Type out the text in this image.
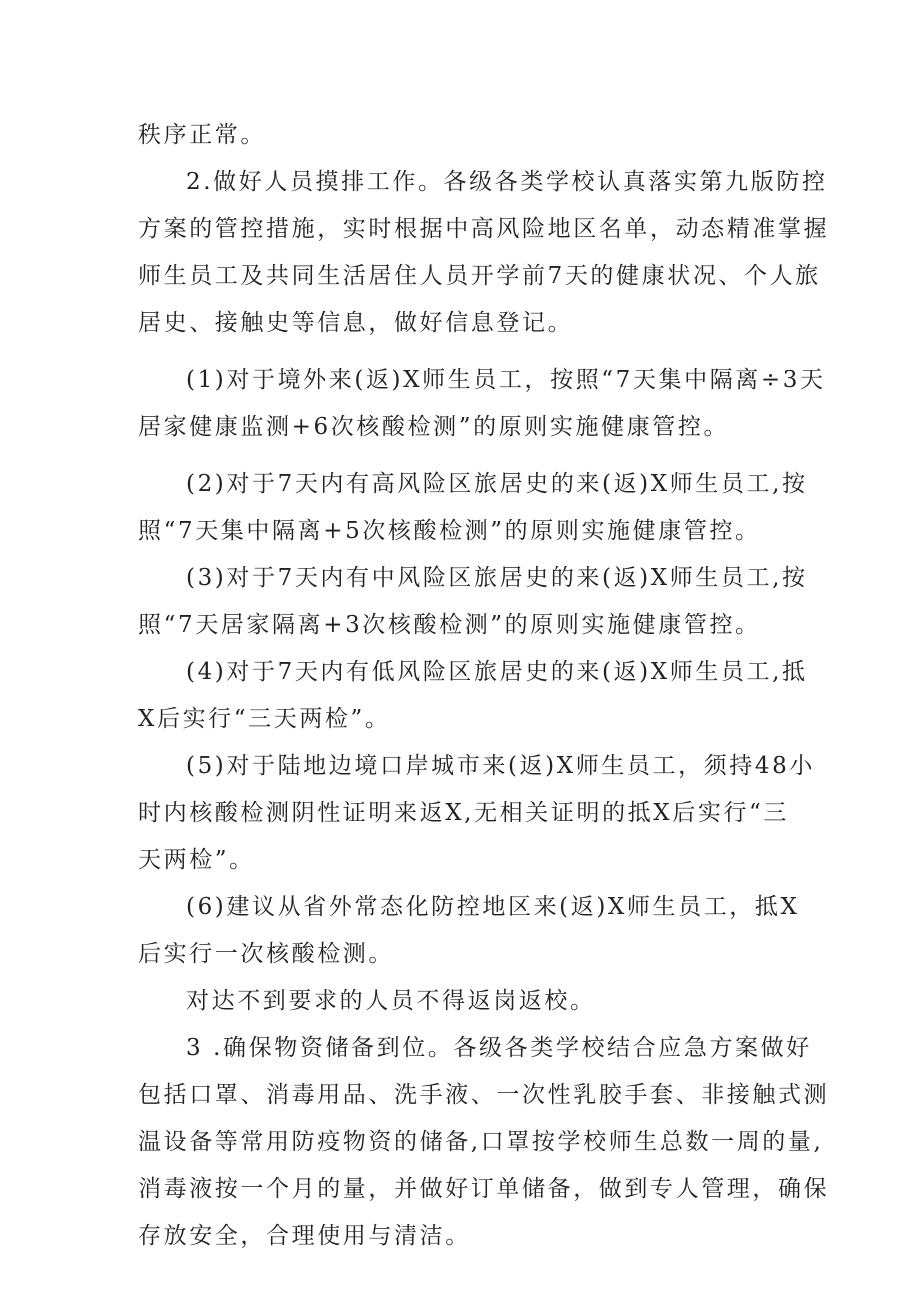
秩序正常。
2.做好人员摸排工作。各级各类学校认真落实第九版防控
方案的管控措施，实时根据中高风险地区名单，动态精准掌握
师生员工及共同生活居住人员开学前7天的健康状况、个人旅
居史、接触史等信息，做好信息登记。
(1)对于境外来(返)X师生员工，按照“7天集中隔离÷3天
居家健康监测+6次核酸检测”的原则实施健康管控。
(2)对于7天内有高风险区旅居史的来(返)X师生员工,按
照“7天集中隔离+5次核酸检测”的原则实施健康管控。
(3)对于7天内有中风险区旅居史的来(返)X师生员工,按
照“7天居家隔离+3次核酸检测”的原则实施健康管控。
(4)对于7天内有低风险区旅居史的来(返)X师生员工,抵
X后实行“三天两检”。
(5)对于陆地边境口岸城市来(返)X师生员工，须持48小
时内核酸检测阴性证明来返X,无相关证明的抵X后实行“三
天两检”。
(6)建议从省外常态化防控地区来(返)X师生员工，抵X
后实行一次核酸检测。
对达不到要求的人员不得返岗返校。
3 .确保物资储备到位。各级各类学校结合应急方案做好
包括口罩、消毒用品、洗手液、一次性乳胶手套、非接触式测
温设备等常用防疫物资的储备,口罩按学校师生总数一周的量,
消毒液按一个月的量，并做好订单储备，做到专人管理，确保
存放安全，合理使用与清洁。
